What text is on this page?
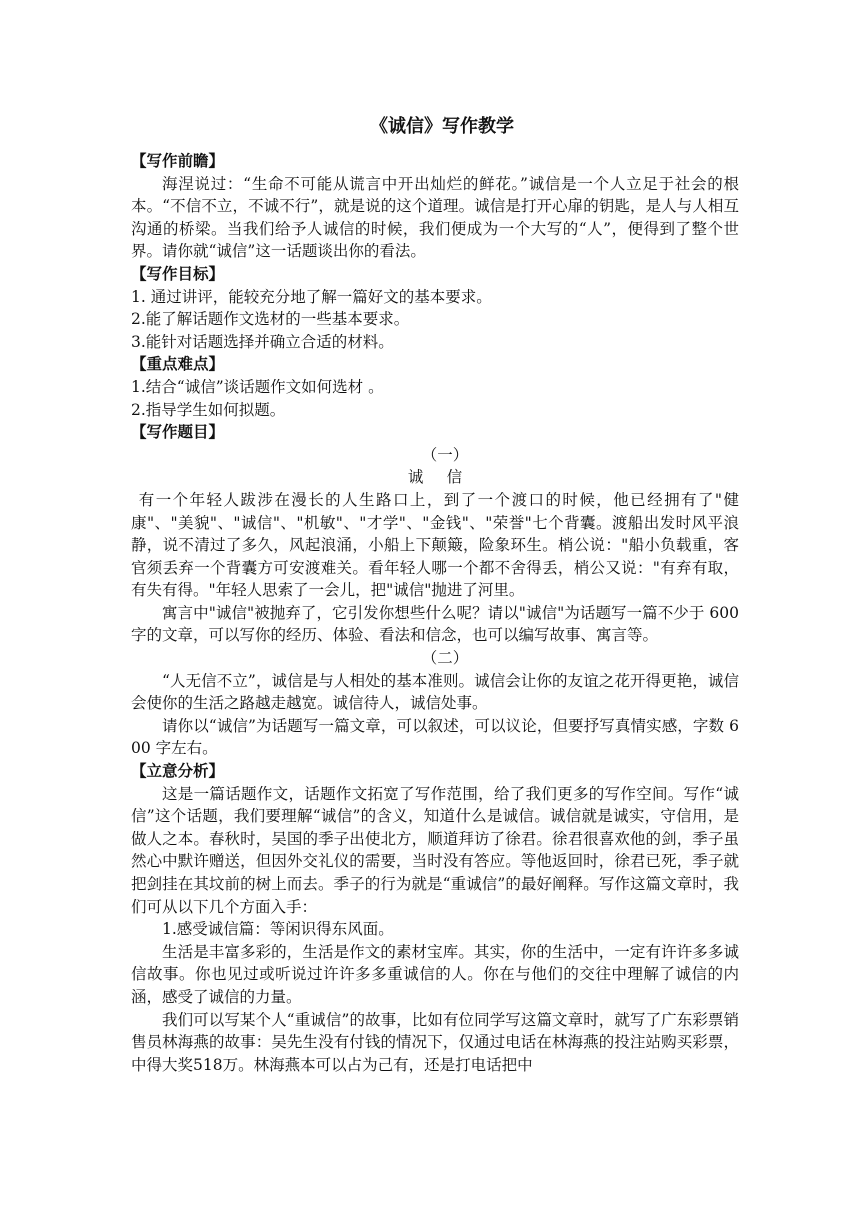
《诚信》写作教学

【写作前瞻】

海涅说过：“生命不可能从谎言中开出灿烂的鲜花。”诚信是一个人立足于社会的根本。“不信不立，不诚不行”，就是说的这个道理。诚信是打开心扉的钥匙，是人与人相互沟通的桥梁。当我们给予人诚信的时候，我们便成为一个大写的“人”，便得到了整个世界。请你就“诚信”这一话题谈出你的看法。

【写作目标】

1. 通过讲评，能较充分地了解一篇好文的基本要求。

2.能了解话题作文选材的一些基本要求。

3.能针对话题选择并确立合适的材料。

【重点难点】

1.结合“诚信”谈话题作文如何选材 。

2.指导学生如何拟题。

【写作题目】

（一）

诚信

有一个年轻人跋涉在漫长的人生路口上，到了一个渡口的时候，他已经拥有了"健康"、"美貌"、"诚信"、"机敏"、"才学"、"金钱"、"荣誉"七个背囊。渡船出发时风平浪静，说不清过了多久，风起浪涌，小船上下颠簸，险象环生。梢公说："船小负载重，客官须丢弃一个背囊方可安渡难关。看年轻人哪一个都不舍得丢，梢公又说："有弃有取，有失有得。"年轻人思索了一会儿，把"诚信"抛进了河里。

寓言中"诚信"被抛弃了，它引发你想些什么呢？请以"诚信"为话题写一篇不少于 600 字的文章，可以写你的经历、体验、看法和信念，也可以编写故事、寓言等。

（二）

“人无信不立”，诚信是与人相处的基本准则。诚信会让你的友谊之花开得更艳，诚信会使你的生活之路越走越宽。诚信待人，诚信处事。

请你以“诚信”为话题写一篇文章，可以叙述，可以议论，但要抒写真情实感，字数 600 字左右。

【立意分析】

这是一篇话题作文，话题作文拓宽了写作范围，给了我们更多的写作空间。写作“诚信”这个话题，我们要理解“诚信”的含义，知道什么是诚信。诚信就是诚实，守信用，是做人之本。春秋时，吴国的季子出使北方，顺道拜访了徐君。徐君很喜欢他的剑，季子虽然心中默许赠送，但因外交礼仪的需要，当时没有答应。等他返回时，徐君已死，季子就把剑挂在其坟前的树上而去。季子的行为就是“重诚信”的最好阐释。写作这篇文章时，我们可从以下几个方面入手：

1.感受诚信篇：等闲识得东风面。

生活是丰富多彩的，生活是作文的素材宝库。其实，你的生活中，一定有许许多多诚信故事。你也见过或听说过许许多多重诚信的人。你在与他们的交往中理解了诚信的内涵，感受了诚信的力量。

我们可以写某个人“重诚信”的故事，比如有位同学写这篇文章时，就写了广东彩票销售员林海燕的故事：吴先生没有付钱的情况下，仅通过电话在林海燕的投注站购买彩票，中得大奖518万。林海燕本可以占为己有，还是打电话把中
